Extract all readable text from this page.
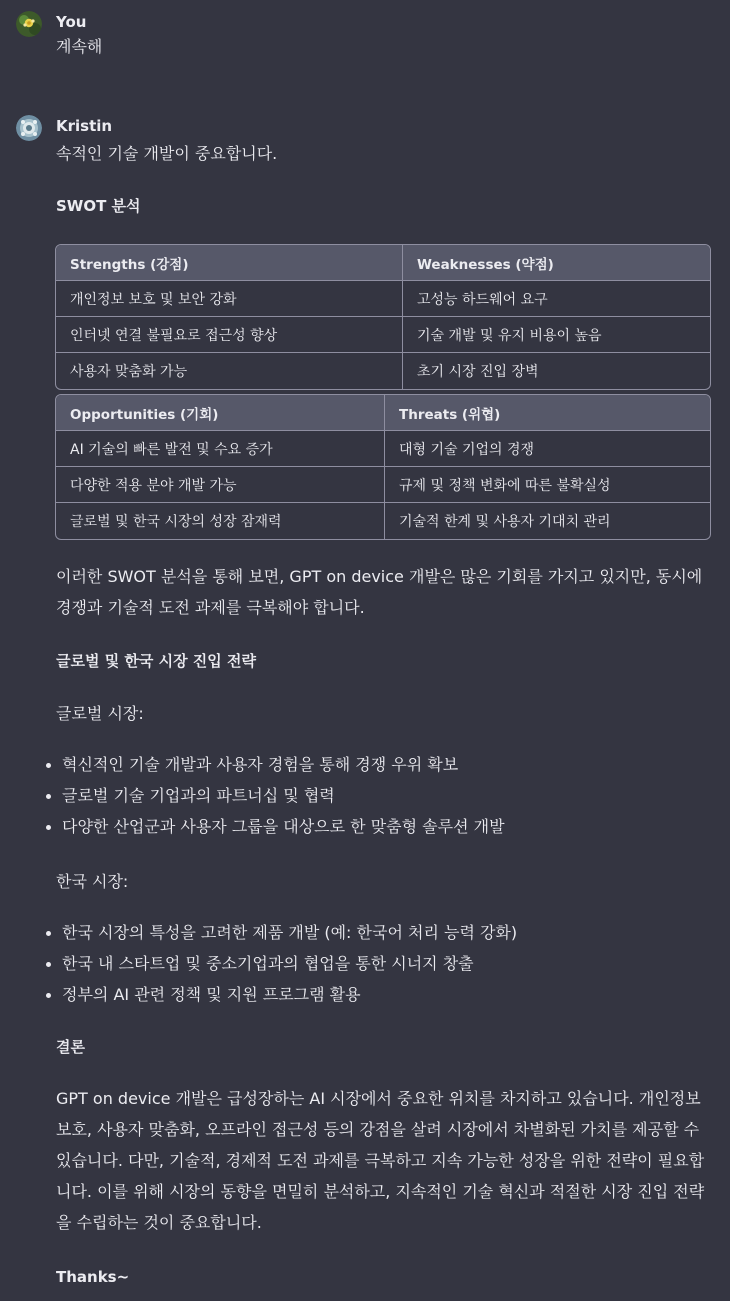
You
계속해
Kristin
속적인 기술 개발이 중요합니다.
SWOT 분석
Strengths (강점)	Weaknesses (약점)
개인정보 보호 및 보안 강화	고성능 하드웨어 요구
인터넷 연결 불필요로 접근성 향상	기술 개발 및 유지 비용이 높음
사용자 맞춤화 가능	초기 시장 진입 장벽
Opportunities (기회)	Threats (위협)
AI 기술의 빠른 발전 및 수요 증가	대형 기술 기업의 경쟁
다양한 적용 분야 개발 가능	규제 및 정책 변화에 따른 불확실성
글로벌 및 한국 시장의 성장 잠재력	기술적 한계 및 사용자 기대치 관리
이러한 SWOT 분석을 통해 보면, GPT on device 개발은 많은 기회를 가지고 있지만, 동시에 경쟁과 기술적 도전 과제를 극복해야 합니다.
글로벌 및 한국 시장 진입 전략
글로벌 시장:
혁신적인 기술 개발과 사용자 경험을 통해 경쟁 우위 확보
글로벌 기술 기업과의 파트너십 및 협력
다양한 산업군과 사용자 그룹을 대상으로 한 맞춤형 솔루션 개발
한국 시장:
한국 시장의 특성을 고려한 제품 개발 (예: 한국어 처리 능력 강화)
한국 내 스타트업 및 중소기업과의 협업을 통한 시너지 창출
정부의 AI 관련 정책 및 지원 프로그램 활용
결론
GPT on device 개발은 급성장하는 AI 시장에서 중요한 위치를 차지하고 있습니다. 개인정보 보호, 사용자 맞춤화, 오프라인 접근성 등의 강점을 살려 시장에서 차별화된 가치를 제공할 수 있습니다. 다만, 기술적, 경제적 도전 과제를 극복하고 지속 가능한 성장을 위한 전략이 필요합니다. 이를 위해 시장의 동향을 면밀히 분석하고, 지속적인 기술 혁신과 적절한 시장 진입 전략을 수립하는 것이 중요합니다.
Thanks~
